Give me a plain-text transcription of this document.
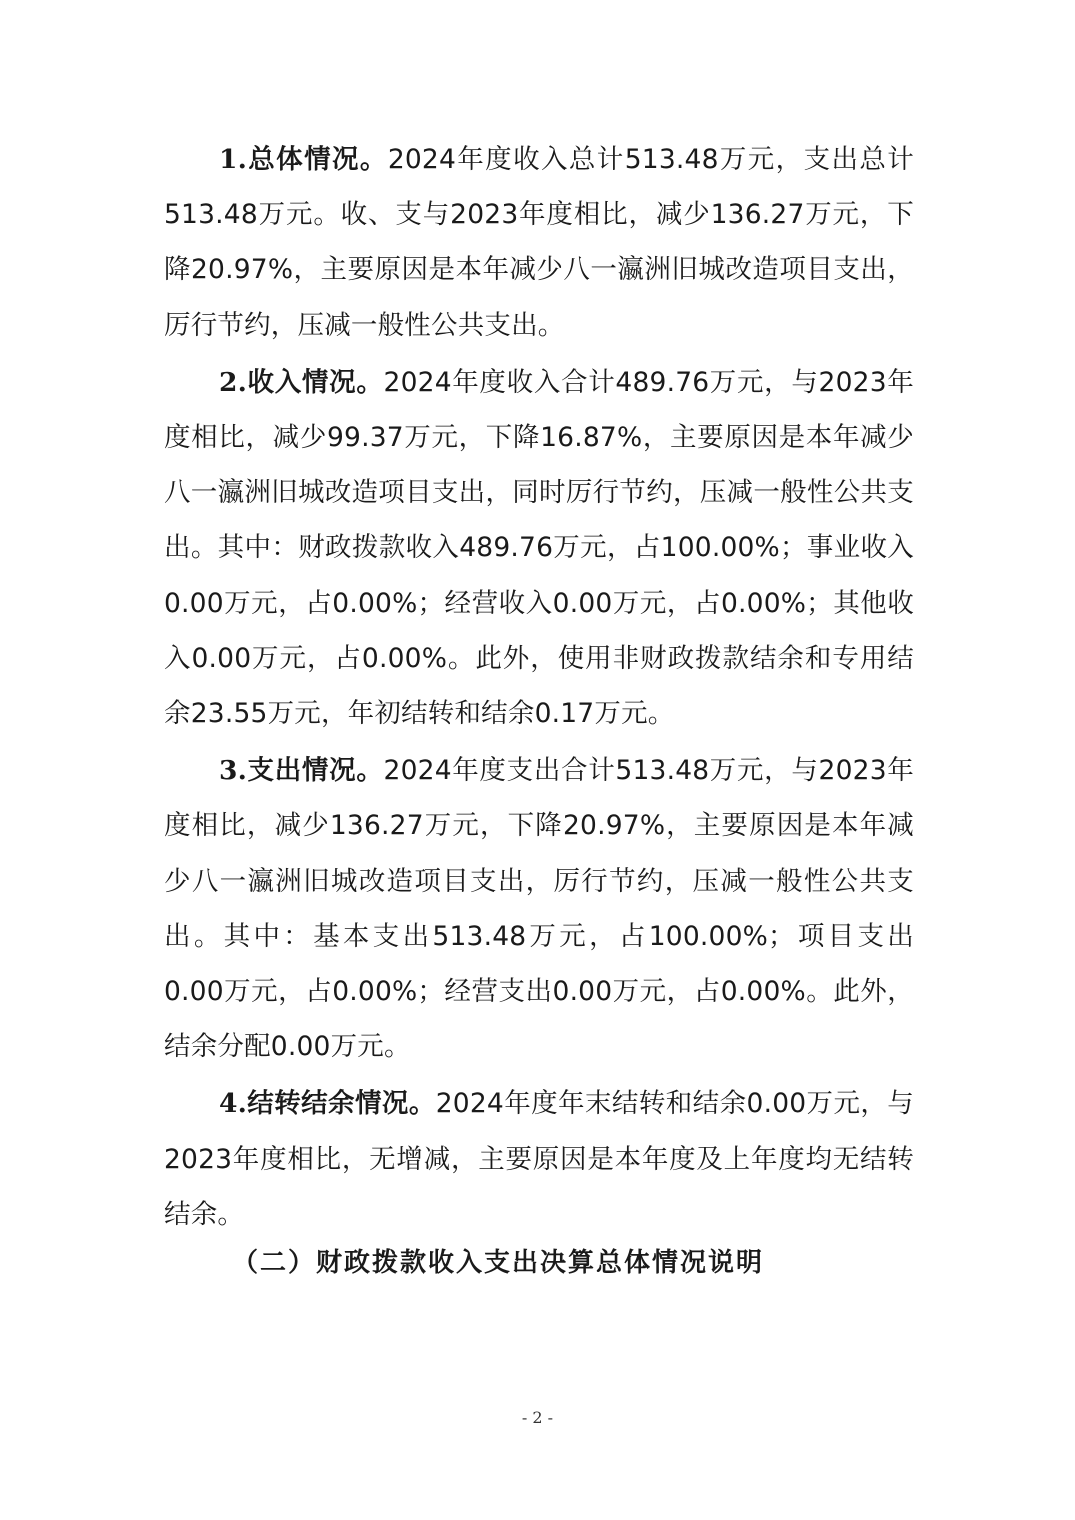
1.总体情况。2024年度收入总计513.48万元，支出总计513.48万元。收、支与2023年度相比，减少136.27万元，下降20.97%，主要原因是本年减少八一瀛洲旧城改造项目支出，厉行节约，压减一般性公共支出。

2.收入情况。2024年度收入合计489.76万元，与2023年度相比，减少99.37万元，下降16.87%，主要原因是本年减少八一瀛洲旧城改造项目支出，同时厉行节约，压减一般性公共支出。其中：财政拨款收入489.76万元，占100.00%；事业收入0.00万元，占0.00%；经营收入0.00万元，占0.00%；其他收入0.00万元，占0.00%。此外，使用非财政拨款结余和专用结余23.55万元，年初结转和结余0.17万元。

3.支出情况。2024年度支出合计513.48万元，与2023年度相比，减少136.27万元，下降20.97%，主要原因是本年减少八一瀛洲旧城改造项目支出，厉行节约，压减一般性公共支出。其中：基本支出513.48万元，占100.00%；项目支出0.00万元，占0.00%；经营支出0.00万元，占0.00%。此外，结余分配0.00万元。

4.结转结余情况。2024年度年末结转和结余0.00万元，与2023年度相比，无增减，主要原因是本年度及上年度均无结转结余。

（二）财政拨款收入支出决算总体情况说明
- 2 -
